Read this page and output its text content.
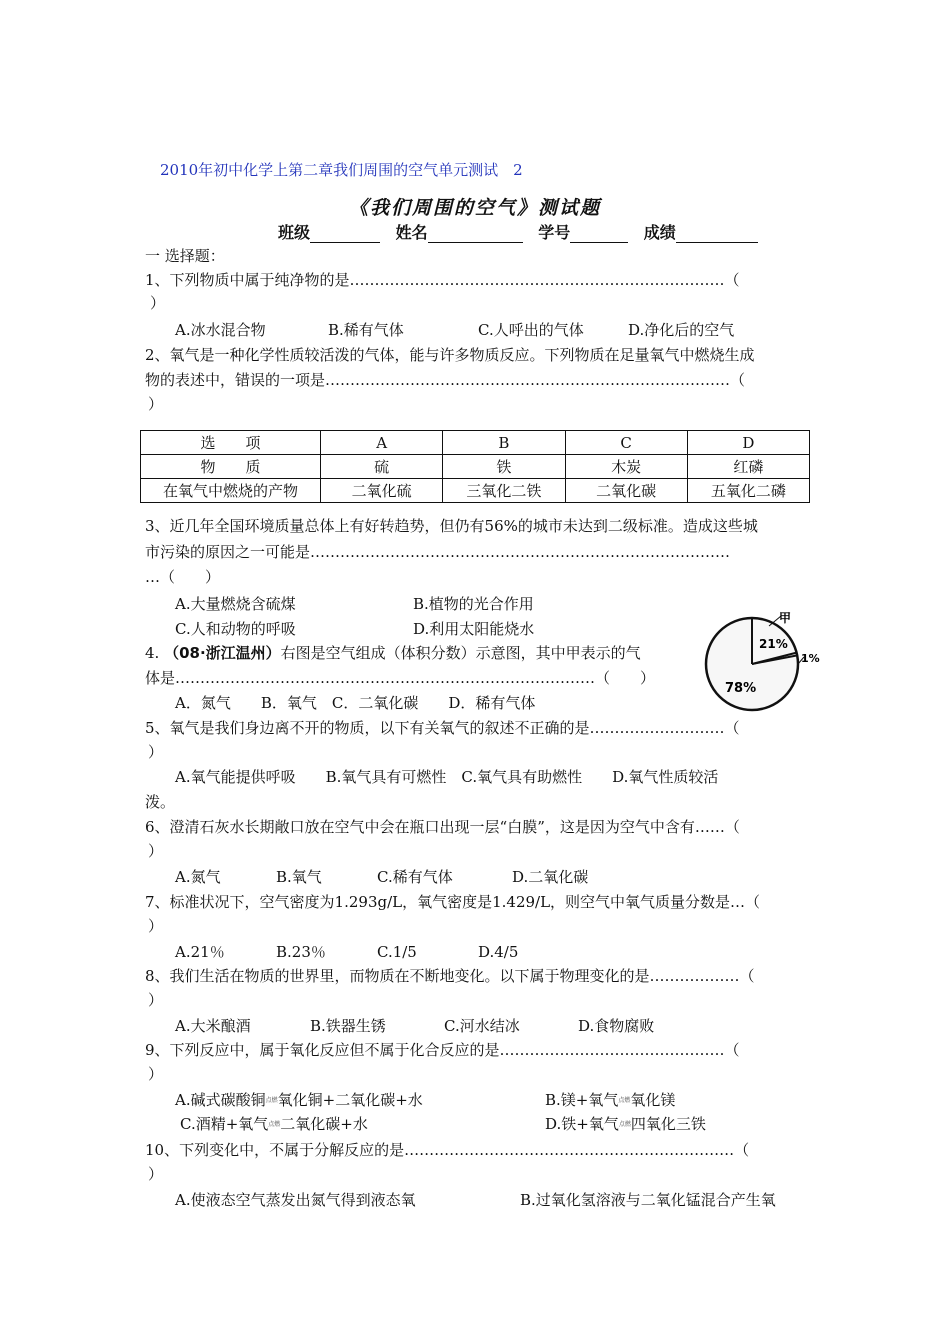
2010年初中化学上第二章我们周围的空气单元测试　2
《我们周围的空气》测试题
班级	姓名	学号	成绩
一 选择题：
1、下列物质中属于纯净物的是…………………………………………………………………（
）
A.冰水混合物	B.稀有气体	C.人呼出的气体	D.净化后的空气
2、氧气是一种化学性质较活泼的气体，能与许多物质反应。下列物质在足量氧气中燃烧生成
物的表述中，错误的一项是………………………………………………………………………（
）
选　　项	A	B	C	D
物　　质	硫	铁	木炭	红磷
在氧气中燃烧的产物	二氧化硫	三氧化二铁	二氧化碳	五氧化二磷
3、近几年全国环境质量总体上有好转趋势，但仍有56%的城市未达到二级标准。造成这些城
市污染的原因之一可能是…………………………………………………………………………
…（　　）
A.大量燃烧含硫煤	B.植物的光合作用
C.人和动物的呼吸	D.利用太阳能烧水
4. （08·浙江温州）右图是空气组成（体积分数）示意图，其中甲表示的气
体是…………………………………………………………………………（　　）
A．氮气　　B．氧气　C．二氧化碳　　D．稀有气体
甲
21%
78%
1%
5、氧气是我们身边离不开的物质，以下有关氧气的叙述不正确的是………………………（
）
A.氧气能提供呼吸　　B.氧气具有可燃性　C.氧气具有助燃性　　D.氧气性质较活
泼。
6、澄清石灰水长期敞口放在空气中会在瓶口出现一层“白膜”，这是因为空气中含有……（
）
A.氮气	B.氧气	C.稀有气体	D.二氧化碳
7、标准状况下，空气密度为1.293g/L，氧气密度是1.429/L，则空气中氧气质量分数是…（
）
A.21％	B.23％	C.1/5	D.4/5
8、我们生活在物质的世界里，而物质在不断地变化。以下属于物理变化的是………………（
）
A.大米酿酒	B.铁器生锈	C.河水结冰	D.食物腐败
9、下列反应中，属于氧化反应但不属于化合反应的是………………………………………（
）
A.碱式碳酸铜点燃氧化铜+二氧化碳+水	B.镁+氧气点燃氧化镁
C.酒精+氧气点燃二氧化碳+水	D.铁+氧气点燃四氧化三铁
10、下列变化中，不属于分解反应的是…………………………………………………………（
）
A.使液态空气蒸发出氮气得到液态氧	B.过氧化氢溶液与二氧化锰混合产生氧
